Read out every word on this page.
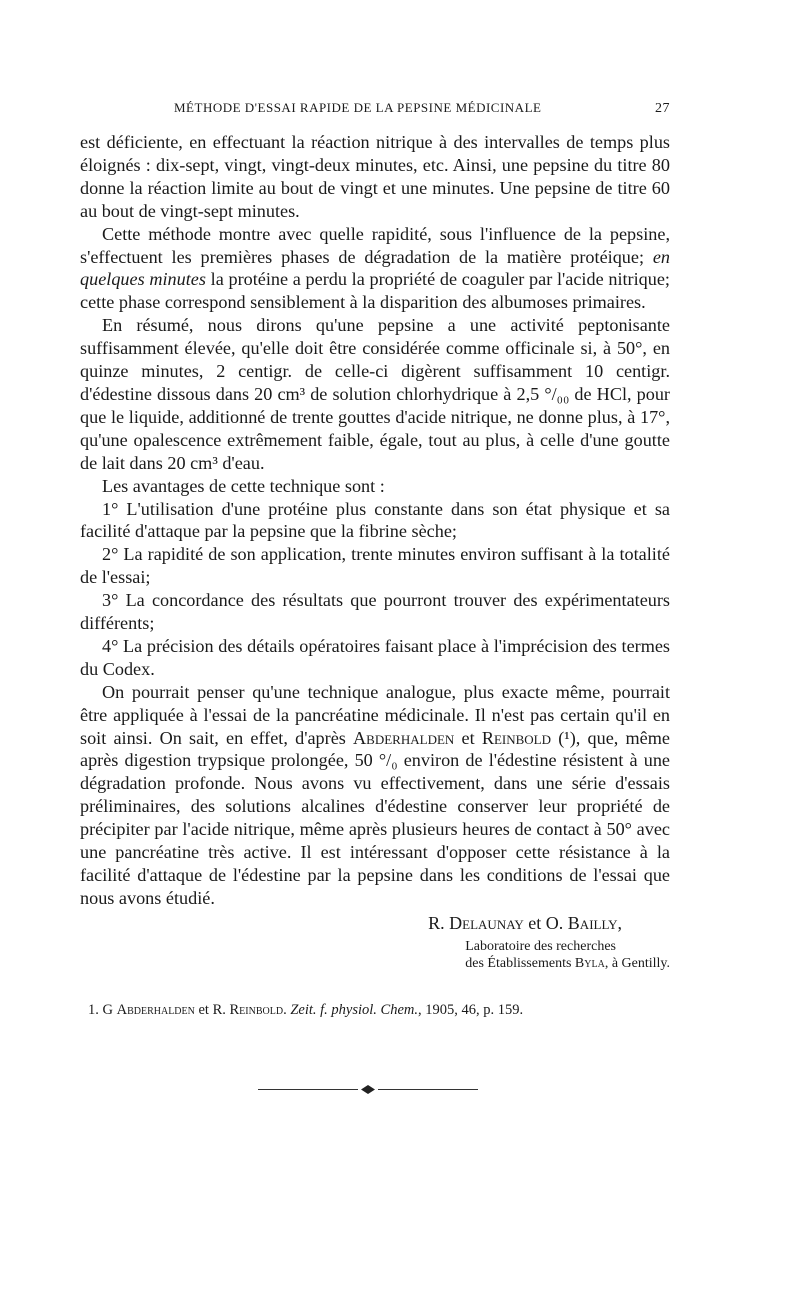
MÉTHODE D'ESSAI RAPIDE DE LA PEPSINE MÉDICINALE	27

est déficiente, en effectuant la réaction nitrique à des intervalles de temps plus éloignés : dix-sept, vingt, vingt-deux minutes, etc. Ainsi, une pepsine du titre 80 donne la réaction limite au bout de vingt et une minutes. Une pepsine de titre 60 au bout de vingt-sept minutes.

Cette méthode montre avec quelle rapidité, sous l'influence de la pepsine, s'effectuent les premières phases de dégradation de la matière protéique; en quelques minutes la protéine a perdu la propriété de coaguler par l'acide nitrique; cette phase correspond sensiblement à la disparition des albumoses primaires.

En résumé, nous dirons qu'une pepsine a une activité peptonisante suffisamment élevée, qu'elle doit être considérée comme officinale si, à 50°, en quinze minutes, 2 centigr. de celle-ci digèrent suffisamment 10 centigr. d'édestine dissous dans 20 cm³ de solution chlorhydrique à 2,5 °/₀₀ de HCl, pour que le liquide, additionné de trente gouttes d'acide nitrique, ne donne plus, à 17°, qu'une opalescence extrêmement faible, égale, tout au plus, à celle d'une goutte de lait dans 20 cm³ d'eau.

Les avantages de cette technique sont :

1° L'utilisation d'une protéine plus constante dans son état physique et sa facilité d'attaque par la pepsine que la fibrine sèche;

2° La rapidité de son application, trente minutes environ suffisant à la totalité de l'essai;

3° La concordance des résultats que pourront trouver des expérimentateurs différents;

4° La précision des détails opératoires faisant place à l'imprécision des termes du Codex.

On pourrait penser qu'une technique analogue, plus exacte même, pourrait être appliquée à l'essai de la pancréatine médicinale. Il n'est pas certain qu'il en soit ainsi. On sait, en effet, d'après Abderhalden et Reinbold (¹), que, même après digestion trypsique prolongée, 50 °/₀ environ de l'édestine résistent à une dégradation profonde. Nous avons vu effectivement, dans une série d'essais préliminaires, des solutions alcalines d'édestine conserver leur propriété de précipiter par l'acide nitrique, même après plusieurs heures de contact à 50° avec une pancréatine très active. Il est intéressant d'opposer cette résistance à la facilité d'attaque de l'édestine par la pepsine dans les conditions de l'essai que nous avons étudié.

R. Delaunay et O. Bailly,
Laboratoire des recherches
des Établissements Byla, à Gentilly.
1. G Abderhalden et R. Reinbold. Zeit. f. physiol. Chem., 1905, 46, p. 159.
